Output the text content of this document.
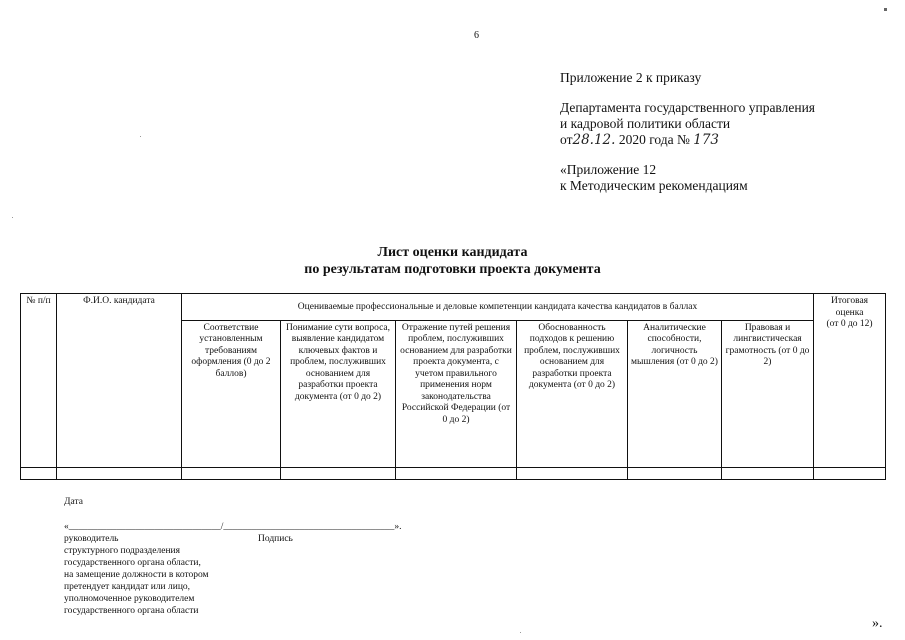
6
Приложение 2 к приказу
Департамента государственного управления
и кадровой политики области
от28.12. 2020 года № 173
«Приложение 12
к Методическим рекомендациям
Лист оценки кандидата
по результатам подготовки проекта документа
№ п/п	Ф.И.О. кандидата	Оцениваемые профессиональные и деловые компетенции кандидата качества кандидатов в баллах						Итоговая оценка
(от 0 до 12)

		Соответствие установленным требованиям оформления (0 до 2 баллов)	Понимание сути вопроса, выявление кандидатом ключевых фактов и проблем, послуживших основанием для разработки проекта документа (от 0 до 2)	Отражение путей решения проблем, послуживших основанием для разработки проекта документа, с учетом правильного применения норм законодательства Российской Федерации (от 0 до 2)	Обоснованность подходов к решению проблем, послуживших основанием для разработки проекта документа (от 0 до 2)	Аналитические способности, логичность мышления (от 0 до 2)	Правовая и лингвистическая грамотность (от 0 до 2)	

Дата
«________________________________/____________________________________».
руководитель	Подпись
структурного подразделения
государственного органа области,
на замещение должности в котором
претендует кандидат или лицо,
уполномоченное руководителем
государственного органа области
».
